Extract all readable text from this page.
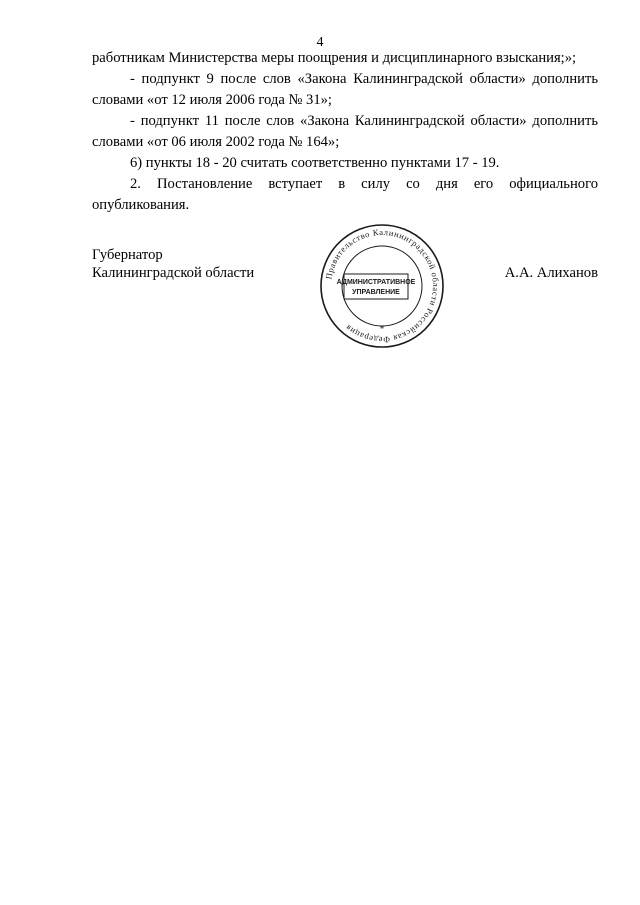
4

работникам Министерства меры поощрения и дисциплинарного взыскания;»;

- подпункт 9 после слов «Закона Калининградской области» дополнить словами «от 12 июля 2006 года № 31»;

- подпункт 11 после слов «Закона Калининградской области» дополнить словами «от 06 июля 2002 года № 164»;

6) пункты 18 - 20 считать соответственно пунктами 17 - 19.

2. Постановление вступает в силу со дня его официального опубликования.

Губернатор
Калининградской области	А.А. Алиханов
Правительство Калининградской области Российская Федерация
АДМИНИСТРАТИВНОЕ
УПРАВЛЕНИЕ
*
